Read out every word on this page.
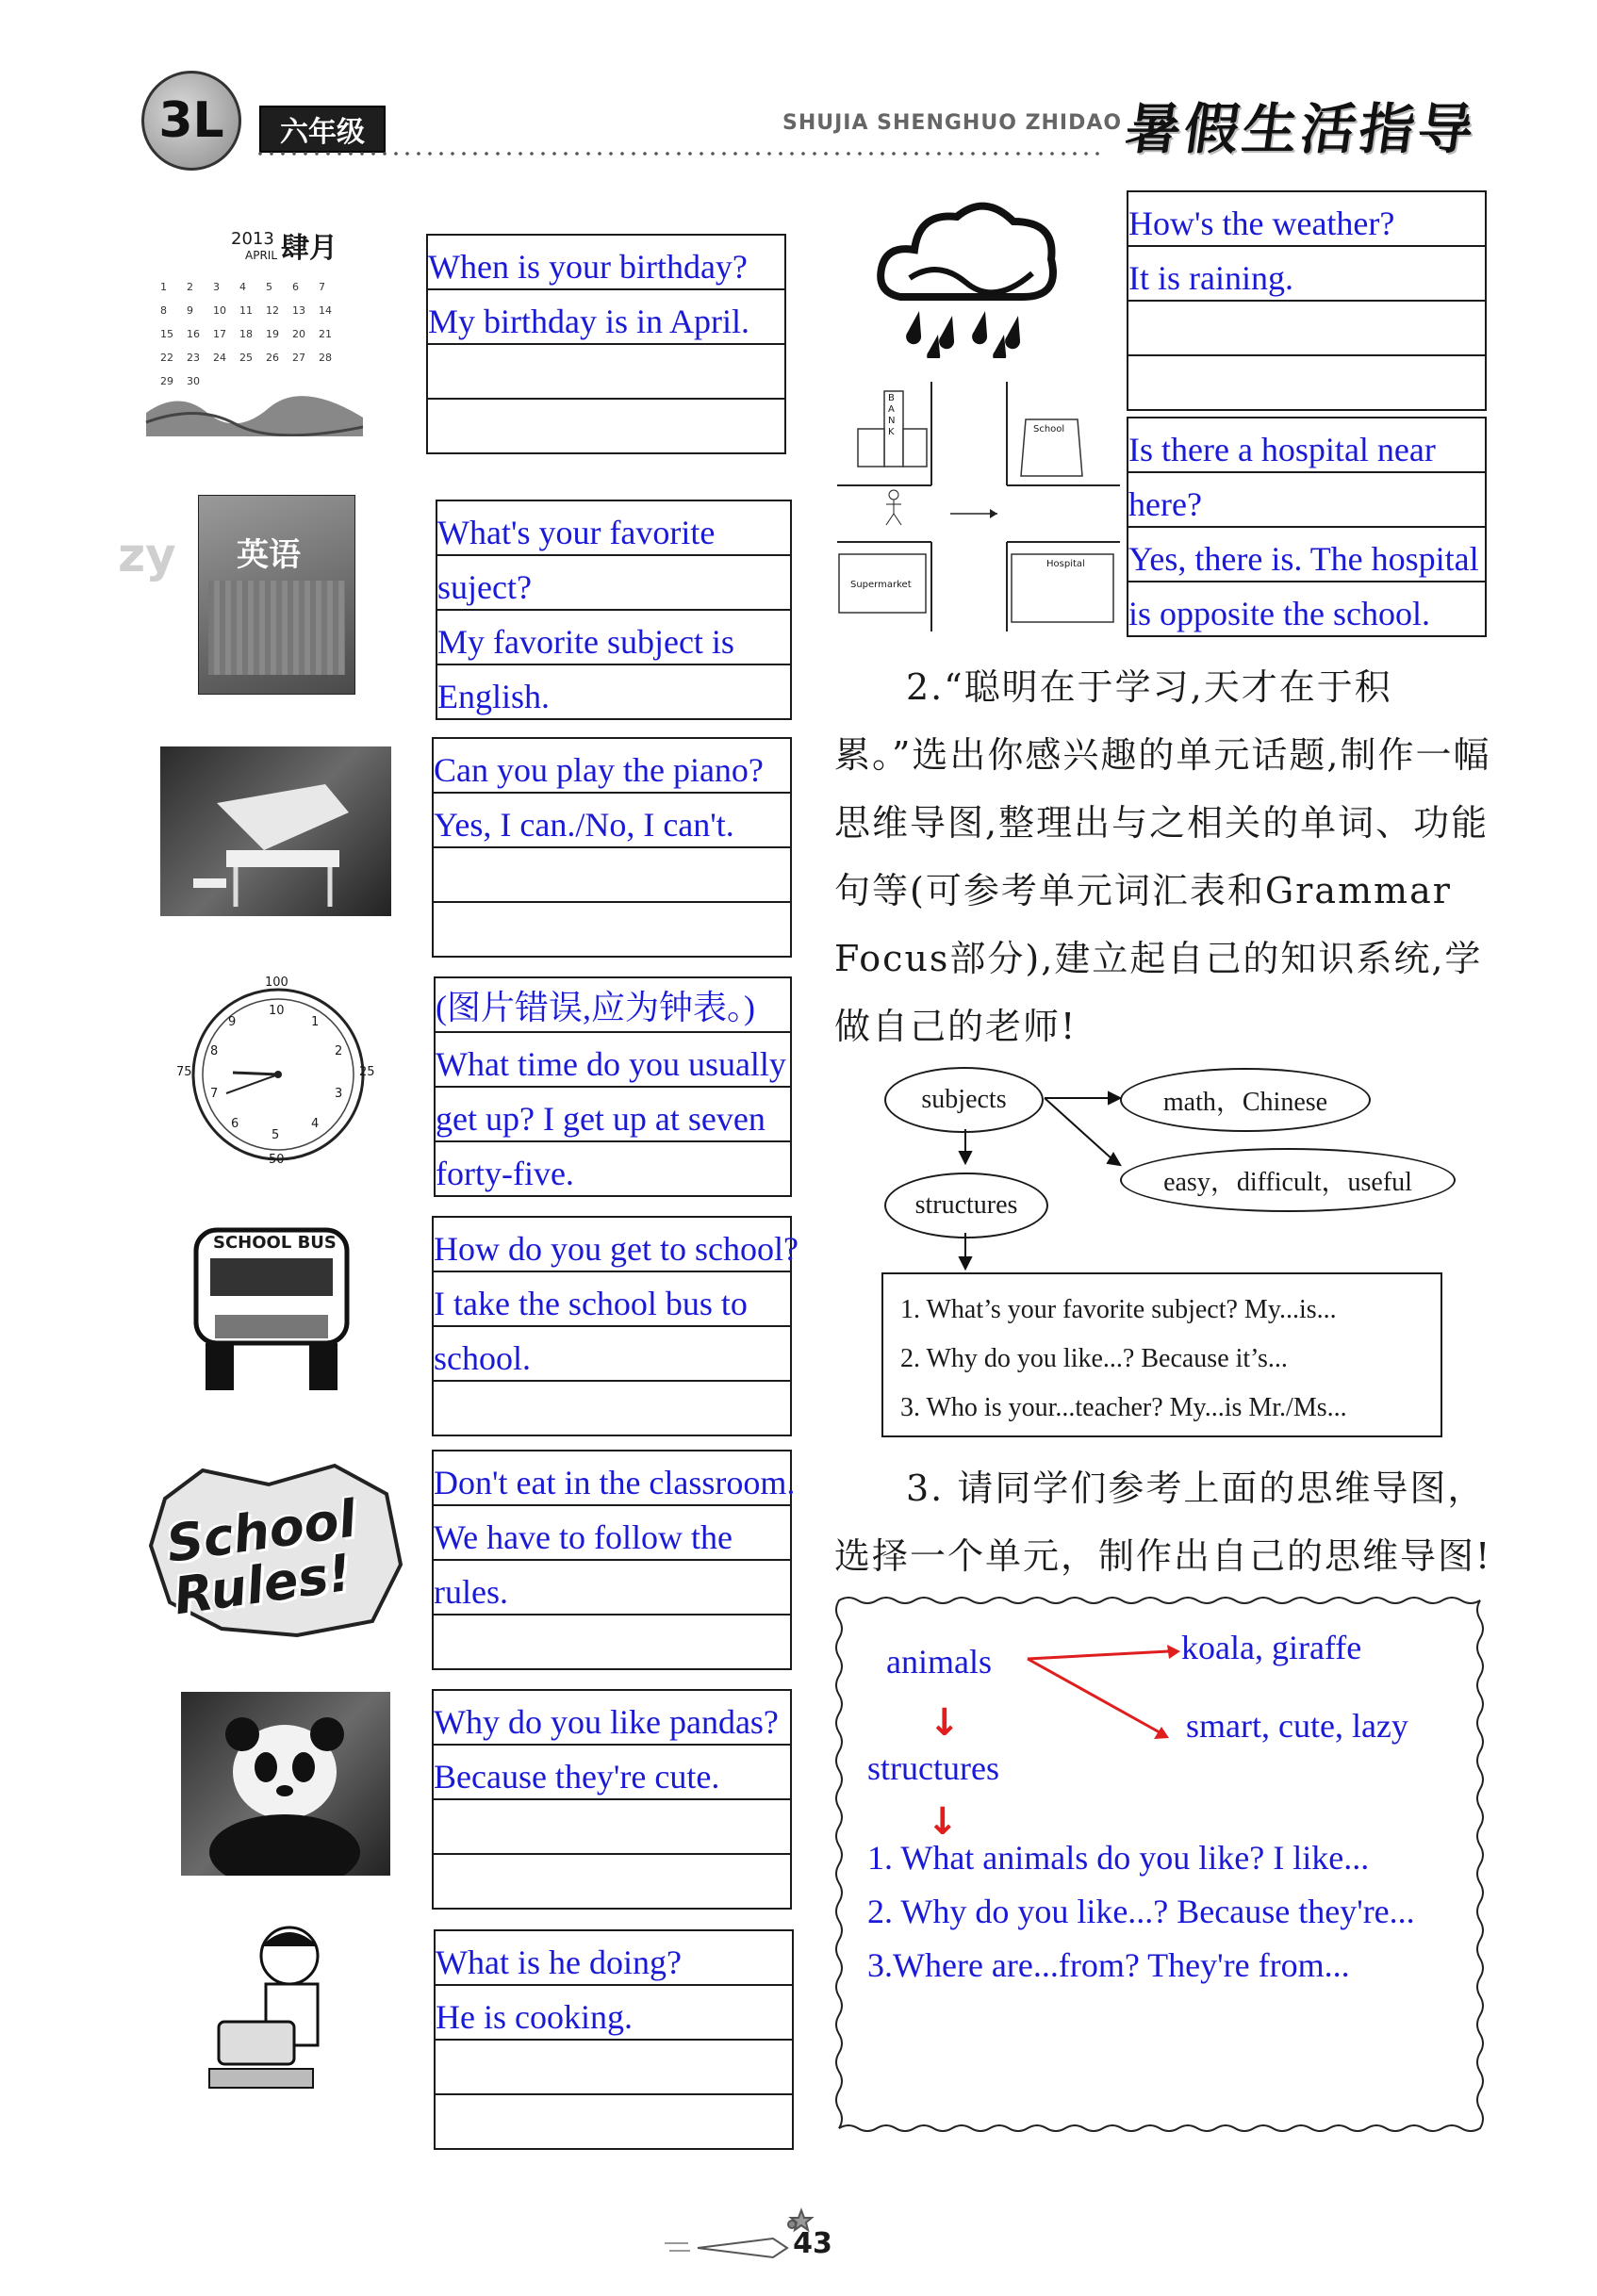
3L	六年级	SHUJIA SHENGHUO ZHIDAO 暑假生活指导
2013 肆月
APRIL
1 2 3 4 5 6 7
8 9 10 11 12 13 14
15 16 17 18 19 20 21
22 23 24 25 26 27 28
29 30
When is your birthday?
My birthday is in April.
英语
zy	What's your favorite
suject?
My favorite subject is
English.
Can you play the piano?
Yes, I can./No, I can't.
100
10
1
9
2
75
8
25
7	3
6	4
5
50
(图片错误,应为钟表。)
What time do you usually
get up? I get up at seven
forty-five.
SCHOOL BUS	How do you get to school?
I take the school bus to
school.
School Rules!
Don't eat in the classroom.
We have to follow the
rules.
Why do you like pandas?
Because they're cute.
What is he doing?
He is cooking.
How's the weather?
It is raining.
B A N K	School
Supermarket
Hospital
Is there a hospital near
here?
Yes, there is. The hospital
is opposite the school.
2.“聪明在于学习,天才在于积累。”选出你感兴趣的单元话题,制作一幅思维导图,整理出与之相关的单词、功能句等(可参考单元词汇表和Grammar Focus部分),建立起自己的知识系统,学做自己的老师!
subjects	math，Chinese
easy，difficult，useful
structures
1. What’s your favorite subject? My...is...
2. Why do you like...? Because it’s...
3. Who is your...teacher? My...is Mr./Ms...
3. 请同学们参考上面的思维导图，选择一个单元，制作出自己的思维导图!
animals	koala, giraffe
↓	smart, cute, lazy
structures
↓
1. What animals do you like? I like...
2. Why do you like...? Because they're...
3.Where are...from? They're from...
43
